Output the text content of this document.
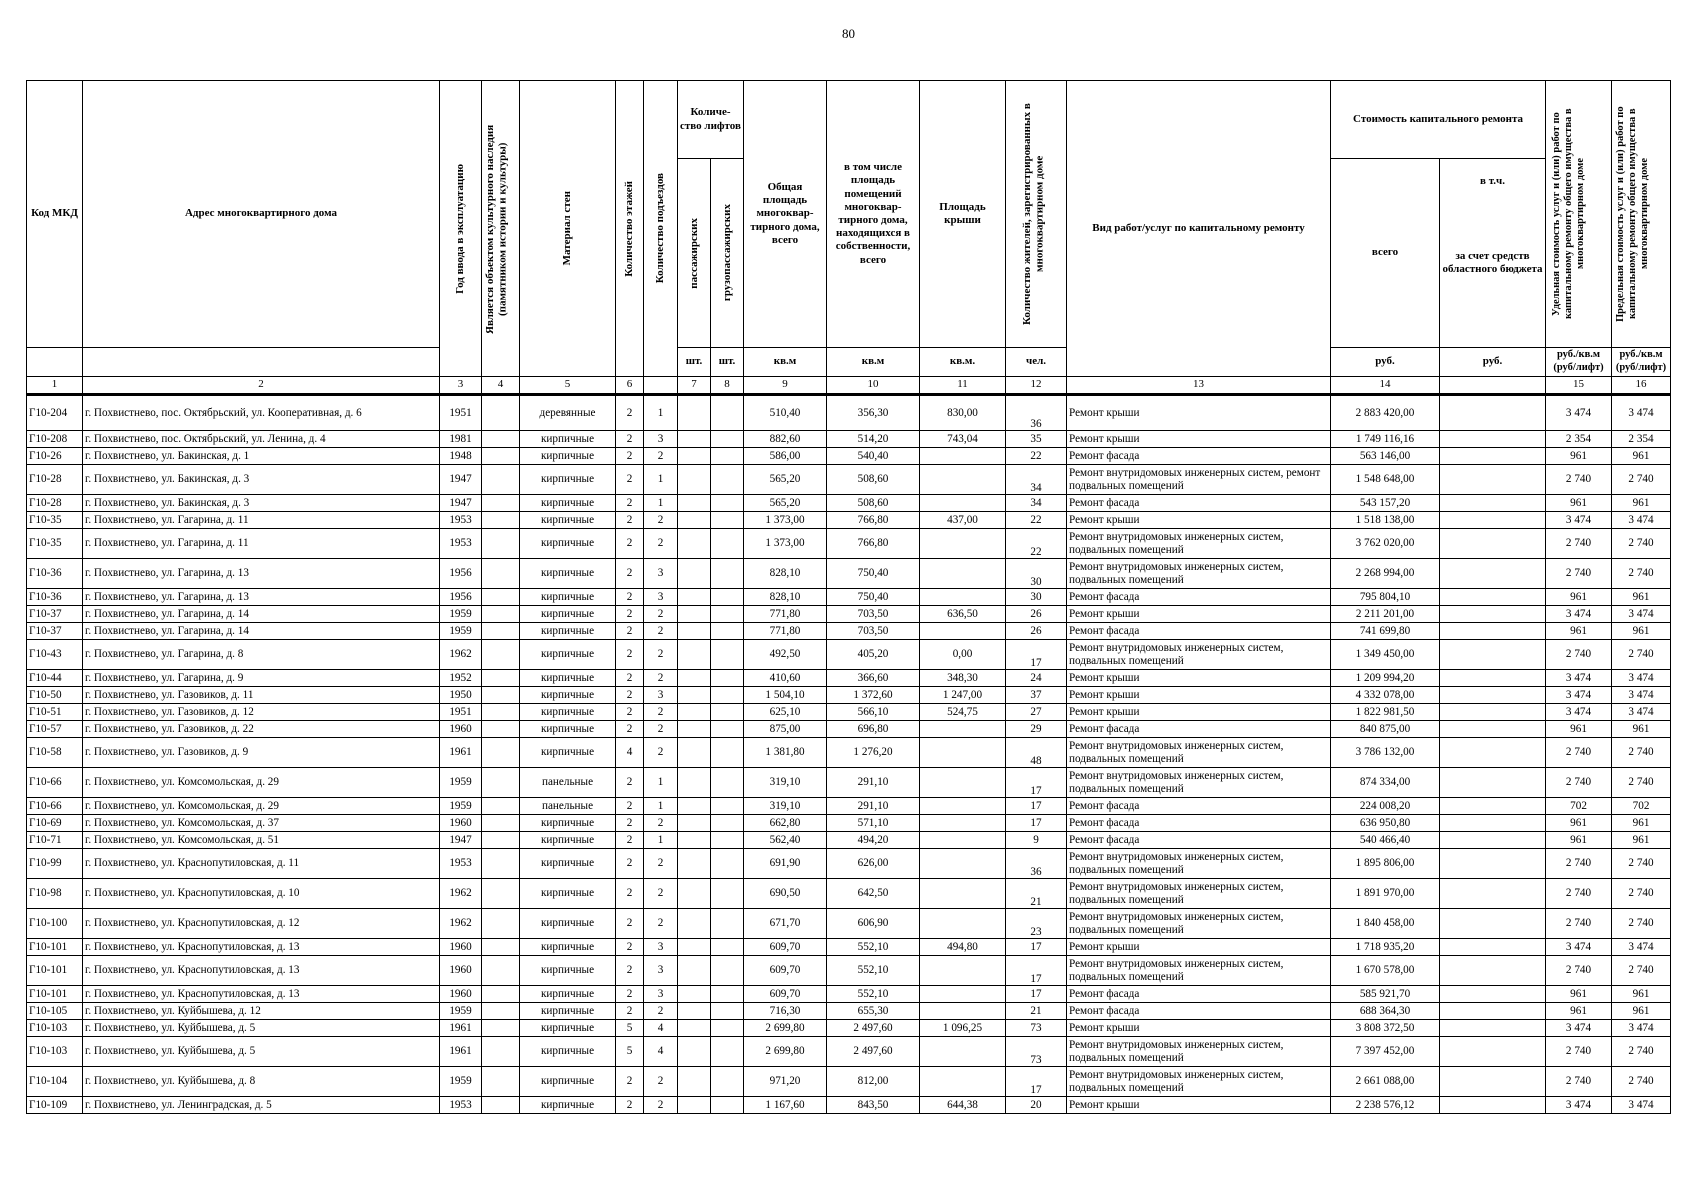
80
Код МКД	Адрес многоквартирного дома	Год ввода в эксплуатацию	Является объектом культурного наследия (памятником истории и культуры)	Материал стен	Количество этажей	Количество подъездов	Количе- ство лифтов		Общая площадь многоквар- тирного дома, всего	в том числе площадь помещений многоквар- тирного дома, находящихся в собственности, всего	Площадь крыши	Количество жителей, зарегистрированных в многоквартирном доме	Вид работ/услуг по капитальному ремонту	Стоимость капитального ремонта		Удельная стоимость услуг и (или) работ по капитальному ремонту общего имущества в многоквартирном доме	Предельная стоимость услуг и (или) работ по капитальному ремонту общего имущества в многоквартирном доме

							пассажирских	грузопассажирских						всего	в т.ч.
за счет средств областного бюджета		

							шт.	шт.	кв.м	кв.м	кв.м.	чел.		руб.	руб.	руб./кв.м (руб/лифт)	руб./кв.м (руб/лифт)
1	2	3	4	5	6		7	8	9	10	11	12	13	14		15	16
Г10-204	г. Похвистнево, пос. Октябрьский, ул. Кооперативная, д. 6	1951		деревянные	2	1			510,40	356,30	830,00	36	Ремонт крыши	2 883 420,00		3 474	3 474
Г10-208	г. Похвистнево, пос. Октябрьский, ул. Ленина, д. 4	1981		кирпичные	2	3			882,60	514,20	743,04	35	Ремонт крыши	1 749 116,16		2 354	2 354
Г10-26	г. Похвистнево, ул. Бакинская, д. 1	1948		кирпичные	2	2			586,00	540,40		22	Ремонт фасада	563 146,00		961	961
Г10-28	г. Похвистнево, ул. Бакинская, д. 3	1947		кирпичные	2	1			565,20	508,60		34	Ремонт внутридомовых инженерных систем, ремонт подвальных помещений	1 548 648,00		2 740	2 740
Г10-28	г. Похвистнево, ул. Бакинская, д. 3	1947		кирпичные	2	1			565,20	508,60		34	Ремонт фасада	543 157,20		961	961
Г10-35	г. Похвистнево, ул. Гагарина, д. 11	1953		кирпичные	2	2			1 373,00	766,80	437,00	22	Ремонт крыши	1 518 138,00		3 474	3 474
Г10-35	г. Похвистнево, ул. Гагарина, д. 11	1953		кирпичные	2	2			1 373,00	766,80		22	Ремонт внутридомовых инженерных систем, подвальных помещений	3 762 020,00		2 740	2 740
Г10-36	г. Похвистнево, ул. Гагарина, д. 13	1956		кирпичные	2	3			828,10	750,40		30	Ремонт внутридомовых инженерных систем, подвальных помещений	2 268 994,00		2 740	2 740
Г10-36	г. Похвистнево, ул. Гагарина, д. 13	1956		кирпичные	2	3			828,10	750,40		30	Ремонт фасада	795 804,10		961	961
Г10-37	г. Похвистнево, ул. Гагарина, д. 14	1959		кирпичные	2	2			771,80	703,50	636,50	26	Ремонт крыши	2 211 201,00		3 474	3 474
Г10-37	г. Похвистнево, ул. Гагарина, д. 14	1959		кирпичные	2	2			771,80	703,50		26	Ремонт фасада	741 699,80		961	961
Г10-43	г. Похвистнево, ул. Гагарина, д. 8	1962		кирпичные	2	2			492,50	405,20	0,00	17	Ремонт внутридомовых инженерных систем, подвальных помещений	1 349 450,00		2 740	2 740
Г10-44	г. Похвистнево, ул. Гагарина, д. 9	1952		кирпичные	2	2			410,60	366,60	348,30	24	Ремонт крыши	1 209 994,20		3 474	3 474
Г10-50	г. Похвистнево, ул. Газовиков, д. 11	1950		кирпичные	2	3			1 504,10	1 372,60	1 247,00	37	Ремонт крыши	4 332 078,00		3 474	3 474
Г10-51	г. Похвистнево, ул. Газовиков, д. 12	1951		кирпичные	2	2			625,10	566,10	524,75	27	Ремонт крыши	1 822 981,50		3 474	3 474
Г10-57	г. Похвистнево, ул. Газовиков, д. 22	1960		кирпичные	2	2			875,00	696,80		29	Ремонт фасада	840 875,00		961	961
Г10-58	г. Похвистнево, ул. Газовиков, д. 9	1961		кирпичные	4	2			1 381,80	1 276,20		48	Ремонт внутридомовых инженерных систем, подвальных помещений	3 786 132,00		2 740	2 740
Г10-66	г. Похвистнево, ул. Комсомольская, д. 29	1959		панельные	2	1			319,10	291,10		17	Ремонт внутридомовых инженерных систем, подвальных помещений	874 334,00		2 740	2 740
Г10-66	г. Похвистнево, ул. Комсомольская, д. 29	1959		панельные	2	1			319,10	291,10		17	Ремонт фасада	224 008,20		702	702
Г10-69	г. Похвистнево, ул. Комсомольская, д. 37	1960		кирпичные	2	2			662,80	571,10		17	Ремонт фасада	636 950,80		961	961
Г10-71	г. Похвистнево, ул. Комсомольская, д. 51	1947		кирпичные	2	1			562,40	494,20		9	Ремонт фасада	540 466,40		961	961
Г10-99	г. Похвистнево, ул. Краснопутиловская, д. 11	1953		кирпичные	2	2			691,90	626,00		36	Ремонт внутридомовых инженерных систем, подвальных помещений	1 895 806,00		2 740	2 740
Г10-98	г. Похвистнево, ул. Краснопутиловская, д. 10	1962		кирпичные	2	2			690,50	642,50		21	Ремонт внутридомовых инженерных систем, подвальных помещений	1 891 970,00		2 740	2 740
Г10-100	г. Похвистнево, ул. Краснопутиловская, д. 12	1962		кирпичные	2	2			671,70	606,90		23	Ремонт внутридомовых инженерных систем, подвальных помещений	1 840 458,00		2 740	2 740
Г10-101	г. Похвистнево, ул. Краснопутиловская, д. 13	1960		кирпичные	2	3			609,70	552,10	494,80	17	Ремонт крыши	1 718 935,20		3 474	3 474
Г10-101	г. Похвистнево, ул. Краснопутиловская, д. 13	1960		кирпичные	2	3			609,70	552,10		17	Ремонт внутридомовых инженерных систем, подвальных помещений	1 670 578,00		2 740	2 740
Г10-101	г. Похвистнево, ул. Краснопутиловская, д. 13	1960		кирпичные	2	3			609,70	552,10		17	Ремонт фасада	585 921,70		961	961
Г10-105	г. Похвистнево, ул. Куйбышева, д. 12	1959		кирпичные	2	2			716,30	655,30		21	Ремонт фасада	688 364,30		961	961
Г10-103	г. Похвистнево, ул. Куйбышева, д. 5	1961		кирпичные	5	4			2 699,80	2 497,60	1 096,25	73	Ремонт крыши	3 808 372,50		3 474	3 474
Г10-103	г. Похвистнево, ул. Куйбышева, д. 5	1961		кирпичные	5	4			2 699,80	2 497,60		73	Ремонт внутридомовых инженерных систем, подвальных помещений	7 397 452,00		2 740	2 740
Г10-104	г. Похвистнево, ул. Куйбышева, д. 8	1959		кирпичные	2	2			971,20	812,00		17	Ремонт внутридомовых инженерных систем, подвальных помещений	2 661 088,00		2 740	2 740
Г10-109	г. Похвистнево, ул. Ленинградская, д. 5	1953		кирпичные	2	2			1 167,60	843,50	644,38	20	Ремонт крыши	2 238 576,12		3 474	3 474
